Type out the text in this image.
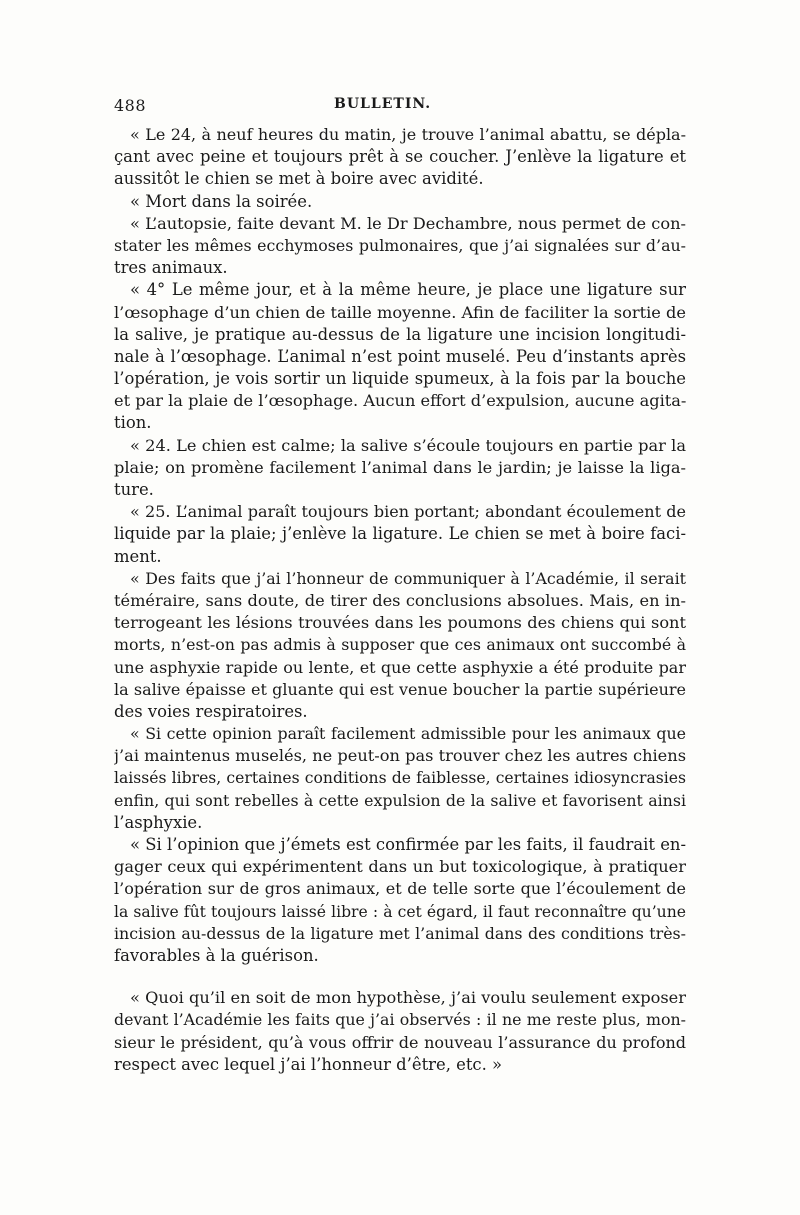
488	BULLETIN.
« Le 24, à neuf heures du matin, je trouve l’animal abattu, se dépla-
çant avec peine et toujours prêt à se coucher. J’enlève la ligature et
aussitôt le chien se met à boire avec avidité.
« Mort dans la soirée.
« L’autopsie, faite devant M. le Dr Dechambre, nous permet de con-
stater les mêmes ecchymoses pulmonaires, que j’ai signalées sur d’au-
tres animaux.
« 4° Le même jour, et à la même heure, je place une ligature sur
l’œsophage d’un chien de taille moyenne. Afin de faciliter la sortie de
la salive, je pratique au-dessus de la ligature une incision longitudi-
nale à l’œsophage. L’animal n’est point muselé. Peu d’instants après
l’opération, je vois sortir un liquide spumeux, à la fois par la bouche
et par la plaie de l’œsophage. Aucun effort d’expulsion, aucune agita-
tion.
« 24. Le chien est calme; la salive s’écoule toujours en partie par la
plaie; on promène facilement l’animal dans le jardin; je laisse la liga-
ture.
« 25. L’animal paraît toujours bien portant; abondant écoulement de
liquide par la plaie; j’enlève la ligature. Le chien se met à boire faci-
ment.
« Des faits que j’ai l’honneur de communiquer à l’Académie, il serait
téméraire, sans doute, de tirer des conclusions absolues. Mais, en in-
terrogeant les lésions trouvées dans les poumons des chiens qui sont
morts, n’est-on pas admis à supposer que ces animaux ont succombé à
une asphyxie rapide ou lente, et que cette asphyxie a été produite par
la salive épaisse et gluante qui est venue boucher la partie supérieure
des voies respiratoires.
« Si cette opinion paraît facilement admissible pour les animaux que
j’ai maintenus muselés, ne peut-on pas trouver chez les autres chiens
laissés libres, certaines conditions de faiblesse, certaines idiosyncrasies
enfin, qui sont rebelles à cette expulsion de la salive et favorisent ainsi
l’asphyxie.
« Si l’opinion que j’émets est confirmée par les faits, il faudrait en-
gager ceux qui expérimentent dans un but toxicologique, à pratiquer
l’opération sur de gros animaux, et de telle sorte que l’écoulement de
la salive fût toujours laissé libre : à cet égard, il faut reconnaître qu’une
incision au-dessus de la ligature met l’animal dans des conditions très-
favorables à la guérison.
« Quoi qu’il en soit de mon hypothèse, j’ai voulu seulement exposer
devant l’Académie les faits que j’ai observés : il ne me reste plus, mon-
sieur le président, qu’à vous offrir de nouveau l’assurance du profond
respect avec lequel j’ai l’honneur d’être, etc. »
